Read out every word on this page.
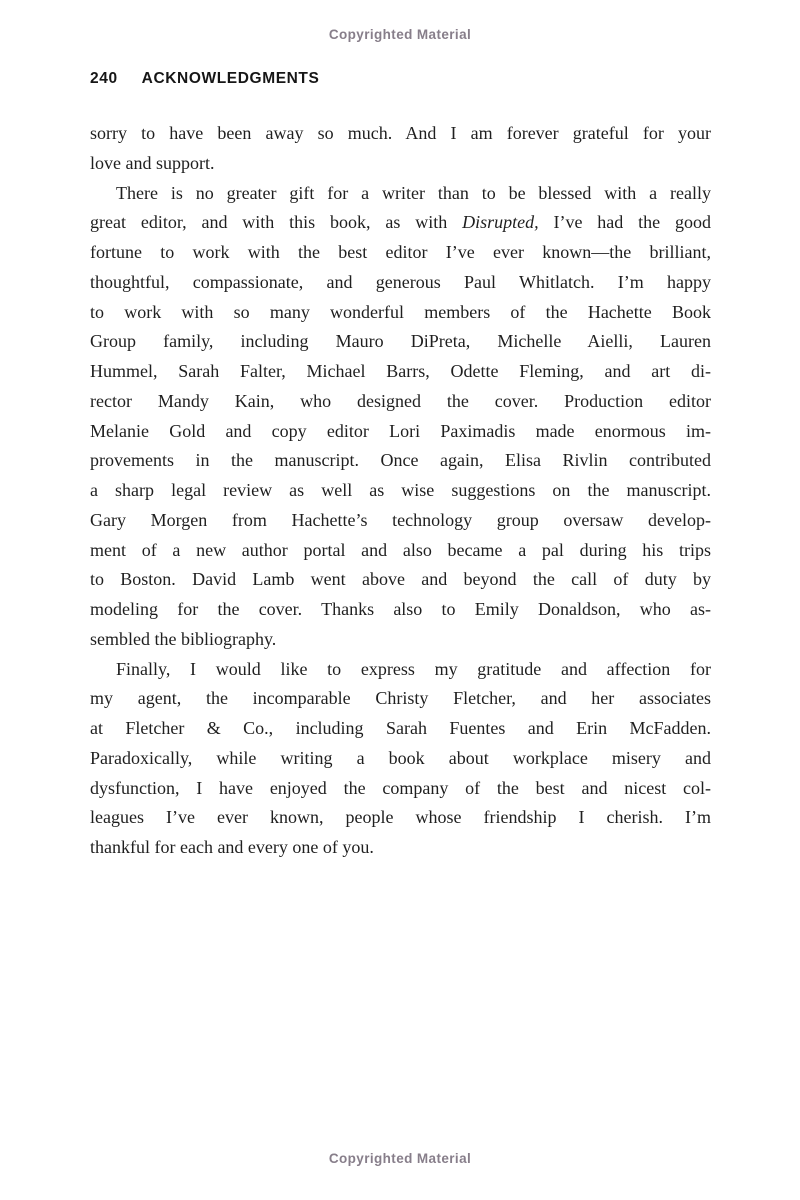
Copyrighted Material
240 ACKNOWLEDGMENTS
sorry to have been away so much. And I am forever grateful for your
love and support.
There is no greater gift for a writer than to be blessed with a really
great editor, and with this book, as with Disrupted, I’ve had the good
fortune to work with the best editor I’ve ever known—the brilliant,
thoughtful, compassionate, and generous Paul Whitlatch. I’m happy
to work with so many wonderful members of the Hachette Book
Group family, including Mauro DiPreta, Michelle Aielli, Lauren
Hummel, Sarah Falter, Michael Barrs, Odette Fleming, and art di-
rector Mandy Kain, who designed the cover. Production editor
Melanie Gold and copy editor Lori Paximadis made enormous im-
provements in the manuscript. Once again, Elisa Rivlin contributed
a sharp legal review as well as wise suggestions on the manuscript.
Gary Morgen from Hachette’s technology group oversaw develop-
ment of a new author portal and also became a pal during his trips
to Boston. David Lamb went above and beyond the call of duty by
modeling for the cover. Thanks also to Emily Donaldson, who as-
sembled the bibliography.
Finally, I would like to express my gratitude and affection for
my agent, the incomparable Christy Fletcher, and her associates
at Fletcher & Co., including Sarah Fuentes and Erin McFadden.
Paradoxically, while writing a book about workplace misery and
dysfunction, I have enjoyed the company of the best and nicest col-
leagues I’ve ever known, people whose friendship I cherish. I’m
thankful for each and every one of you.
Copyrighted Material
